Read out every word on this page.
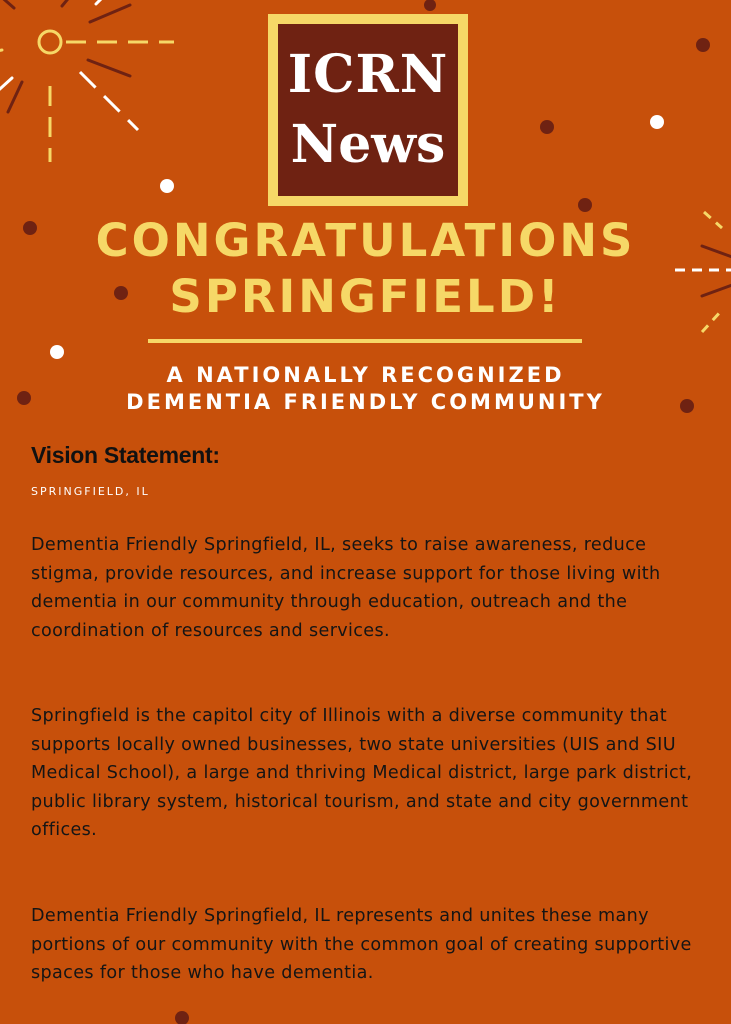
ICRN
News
CONGRATULATIONS
SPRINGFIELD!
A NATIONALLY RECOGNIZED
DEMENTIA FRIENDLY COMMUNITY
Vision Statement:
SPRINGFIELD, IL

Dementia Friendly Springfield, IL, seeks to raise awareness, reduce stigma, provide resources, and increase support for those living with dementia in our community through education, outreach and the coordination of resources and services.

Springfield is the capitol city of Illinois with a diverse community that supports locally owned businesses, two state universities (UIS and SIU Medical School), a large and thriving Medical district, large park district, public library system, historical tourism, and state and city government offices.

Dementia Friendly Springfield, IL represents and unites these many portions of our community with the common goal of creating supportive spaces for those who have dementia.
